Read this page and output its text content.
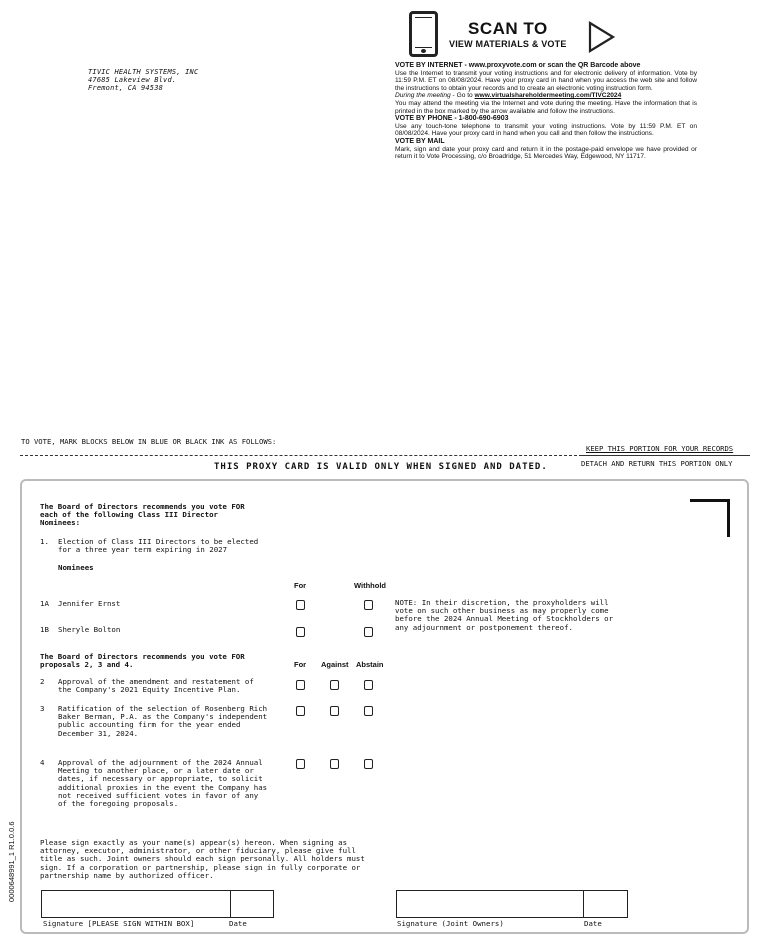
TIVIC HEALTH SYSTEMS, INC
47685 Lakeview Blvd.
Fremont, CA 94538
SCAN TO
VIEW MATERIALS & VOTE
VOTE BY INTERNET - www.proxyvote.com or scan the QR Barcode above
Use the Internet to transmit your voting instructions and for electronic delivery of information. Vote by 11:59 P.M. ET on 08/08/2024. Have your proxy card in hand when you access the web site and follow the instructions to obtain your records and to create an electronic voting instruction form.
During the meeting - Go to www.virtualshareholdermeeting.com/TIVC2024
You may attend the meeting via the Internet and vote during the meeting. Have the information that is printed in the box marked by the arrow available and follow the instructions.
VOTE BY PHONE - 1-800-690-6903
Use any touch-tone telephone to transmit your voting instructions. Vote by 11:59 P.M. ET on 08/08/2024. Have your proxy card in hand when you call and then follow the instructions.
VOTE BY MAIL
Mark, sign and date your proxy card and return it in the postage-paid envelope we have provided or return it to Vote Processing, c/o Broadridge, 51 Mercedes Way, Edgewood, NY 11717.
TO VOTE, MARK BLOCKS BELOW IN BLUE OR BLACK INK AS FOLLOWS:
KEEP THIS PORTION FOR YOUR RECORDS
DETACH AND RETURN THIS PORTION ONLY
THIS PROXY CARD IS VALID ONLY WHEN SIGNED AND DATED.
The Board of Directors recommends you vote FOR
each of the following Class III Director
Nominees:
1. Election of Class III Directors to be elected
for a three year term expiring in 2027
Nominees
For	Withhold
1A Jennifer Ernst
1B Sheryle Bolton
NOTE: In their discretion, the proxyholders will
vote on such other business as may properly come
before the 2024 Annual Meeting of Stockholders or
any adjournment or postponement thereof.
The Board of Directors recommends you vote FOR
proposals 2, 3 and 4.	For Against Abstain
2 Approval of the amendment and restatement of
the Company's 2021 Equity Incentive Plan.
3 Ratification of the selection of Rosenberg Rich
Baker Berman, P.A. as the Company's independent
public accounting firm for the year ended
December 31, 2024.
4 Approval of the adjournment of the 2024 Annual
Meeting to another place, or a later date or
dates, if necessary or appropriate, to solicit
additional proxies in the event the Company has
not received sufficient votes in favor of any
of the foregoing proposals.
Please sign exactly as your name(s) appear(s) hereon. When signing as
attorney, executor, administrator, or other fiduciary, please give full
title as such. Joint owners should each sign personally. All holders must
sign. If a corporation or partnership, please sign in fully corporate or
partnership name by authorized officer.
Signature [PLEASE SIGN WITHIN BOX]	Date	Signature (Joint Owners)	Date
0000648991_1 R1.0.0.6
